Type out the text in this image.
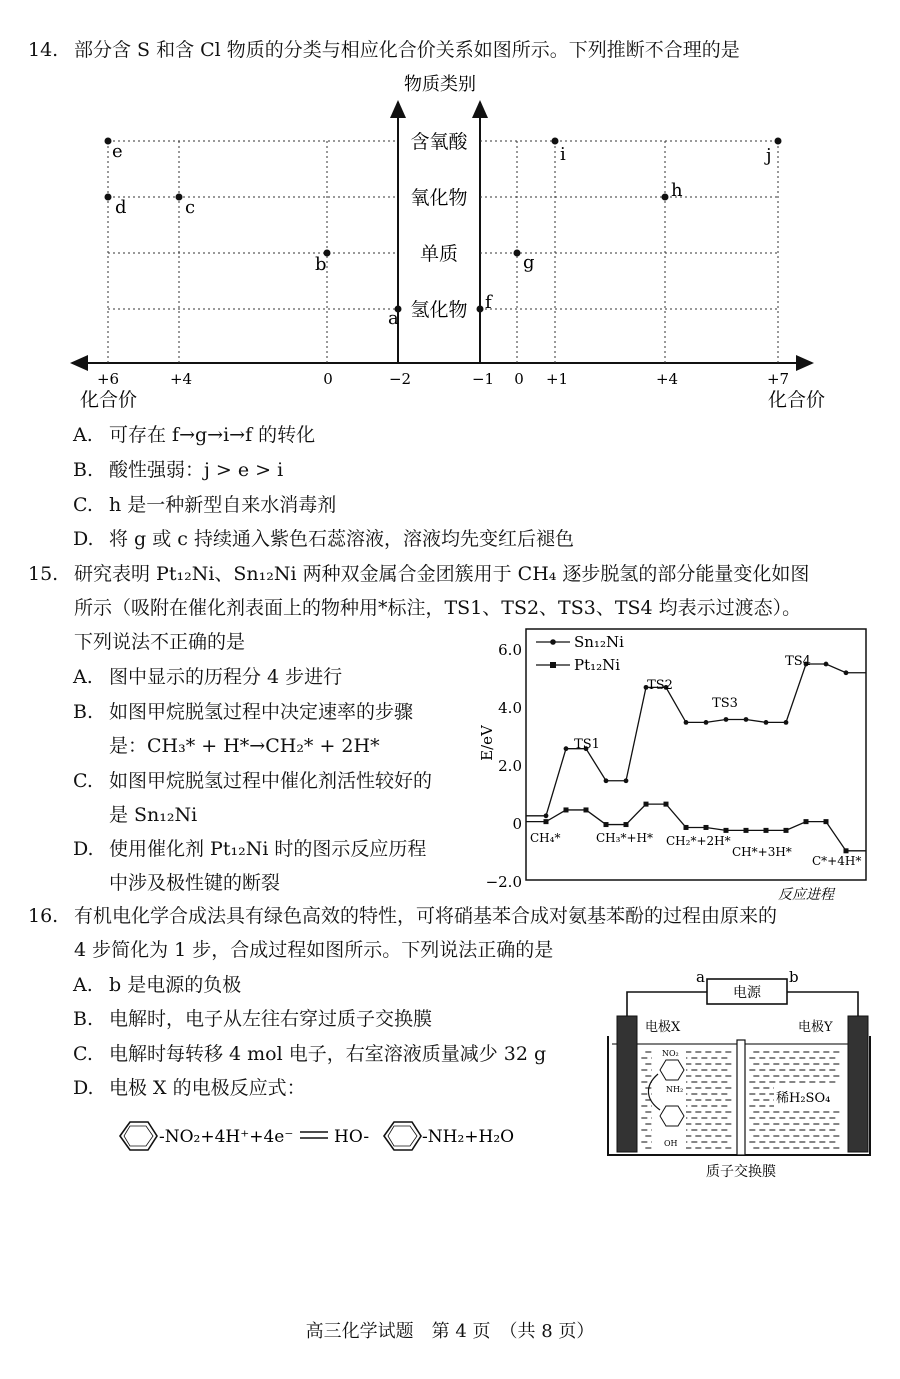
14. 部分含 S 和含 Cl 物质的分类与相应化合价关系如图所示。下列推断不合理的是
物质类别
含氧酸
氧化物
单质
氢化物
e
d	c
b
a
f
g
i
h
j
+6	+4	0	−2	−1 0 +1	+4	+7
化合价	化合价
A. 可存在 f→g→i→f 的转化
B. 酸性强弱：j > e > i
C. h 是一种新型自来水消毒剂
D. 将 g 或 c 持续通入紫色石蕊溶液，溶液均先变红后褪色
15. 研究表明 Pt₁₂Ni、Sn₁₂Ni 两种双金属合金团簇用于 CH₄ 逐步脱氢的部分能量变化如图
所示（吸附在催化剂表面上的物种用*标注，TS1、TS2、TS3、TS4 均表示过渡态）。
下列说法不正确的是
A. 图中显示的历程分 4 步进行
B. 如图甲烷脱氢过程中决定速率的步骤
是：CH₃* + H*→CH₂* + 2H*
C. 如图甲烷脱氢过程中催化剂活性较好的
是 Sn₁₂Ni
D. 使用催化剂 Pt₁₂Ni 时的图示反应历程
中涉及极性键的断裂
E/eV
6.0
4.0
2.0
0
−2.0
Sn₁₂Ni
Pt₁₂Ni
TS1
TS2
TS3
TS4
CH₄*	CH₃*+H* CH₂*+2H*
CH*+3H*
C*+4H*
反应进程
16. 有机电化学合成法具有绿色高效的特性，可将硝基苯合成对氨基苯酚的过程由原来的
4 步简化为 1 步，合成过程如图所示。下列说法正确的是
A. b 是电源的负极
B. 电解时，电子从左往右穿过质子交换膜
C. 电解时每转移 4 mol 电子，右室溶液质量减少 32 g
D. 电极 X 的电极反应式：
-NO₂+4H⁺+4e⁻ HO-	-NH₂+H₂O
电源
a	b
电极X	电极Y
NO₂
NH₂
OH
稀H₂SO₄
质子交换膜
高三化学试题　第 4 页　（共 8 页）
